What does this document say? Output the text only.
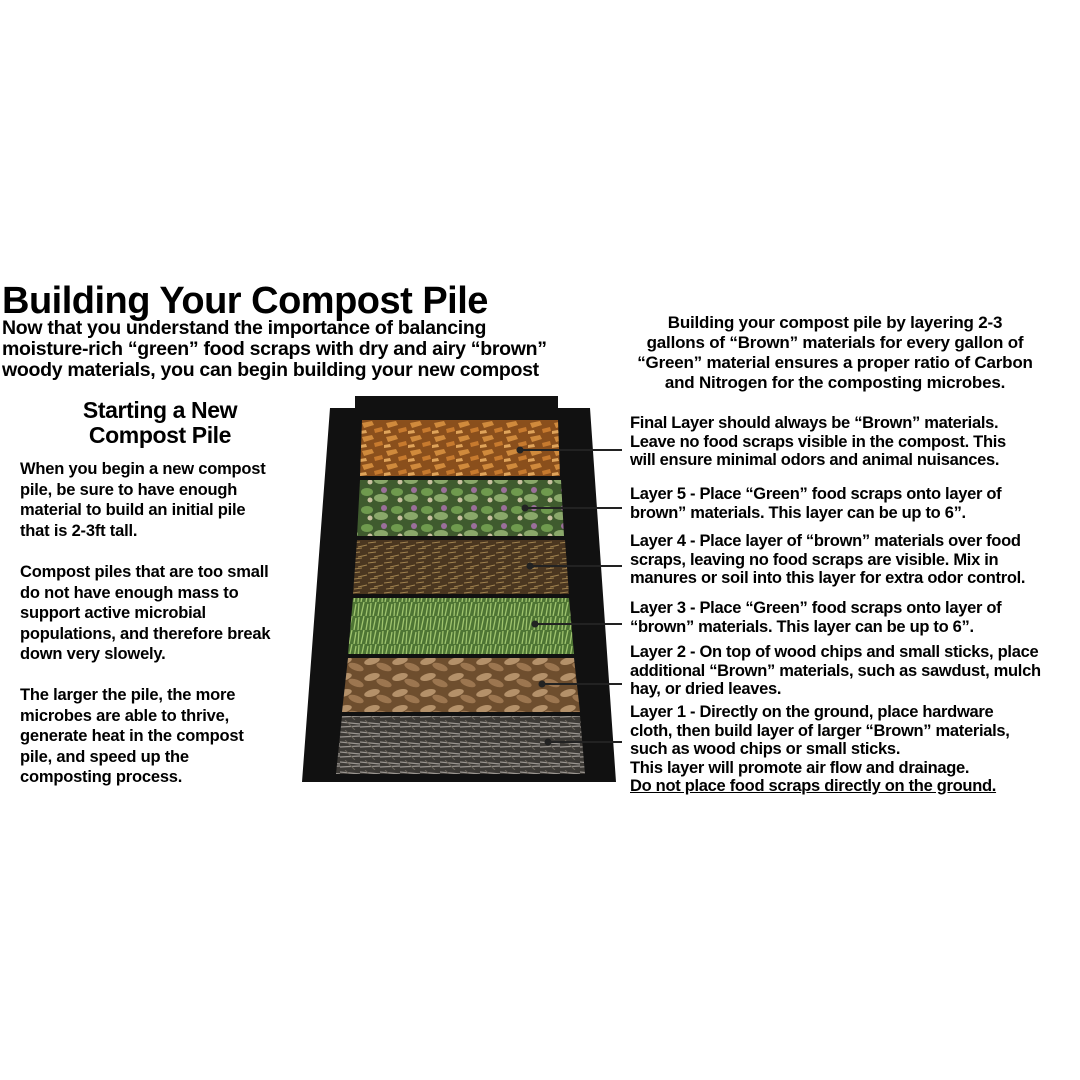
Building Your Compost Pile
Now that you understand the importance of balancing
moisture-rich “green” food scraps with dry and airy “brown”
woody materials, you can begin building your new compost
Starting a New
Compost Pile
When you begin a new compost
pile, be sure to have enough
material to build an initial pile
that is 2-3ft tall.
Compost piles that are too small
do not have enough mass to
support active microbial
populations, and therefore break
down very slowely.
The larger the pile, the more
microbes are able to thrive,
generate heat in the compost
pile, and speed up the
composting process.
Building your compost pile by layering 2-3
gallons of “Brown” materials for every gallon of
“Green” material ensures a proper ratio of Carbon
and Nitrogen for the composting microbes.
Final Layer should always be “Brown” materials.
Leave no food scraps visible in the compost. This
will ensure minimal odors and animal nuisances.
Layer 5 - Place “Green” food scraps onto layer of
brown” materials. This layer can be up to 6”.
Layer 4 - Place layer of “brown” materials over food
scraps, leaving no food scraps are visible. Mix in
manures or soil into this layer for extra odor control.
Layer 3 - Place “Green” food scraps onto layer of
“brown” materials. This layer can be up to 6”.
Layer 2 - On top of wood chips and small sticks, place
additional “Brown” materials, such as sawdust, mulch
hay, or dried leaves.
Layer 1 - Directly on the ground, place hardware
cloth, then build layer of larger “Brown” materials,
such as wood chips or small sticks.
This layer will promote air flow and drainage.
Do not place food scraps directly on the ground.
